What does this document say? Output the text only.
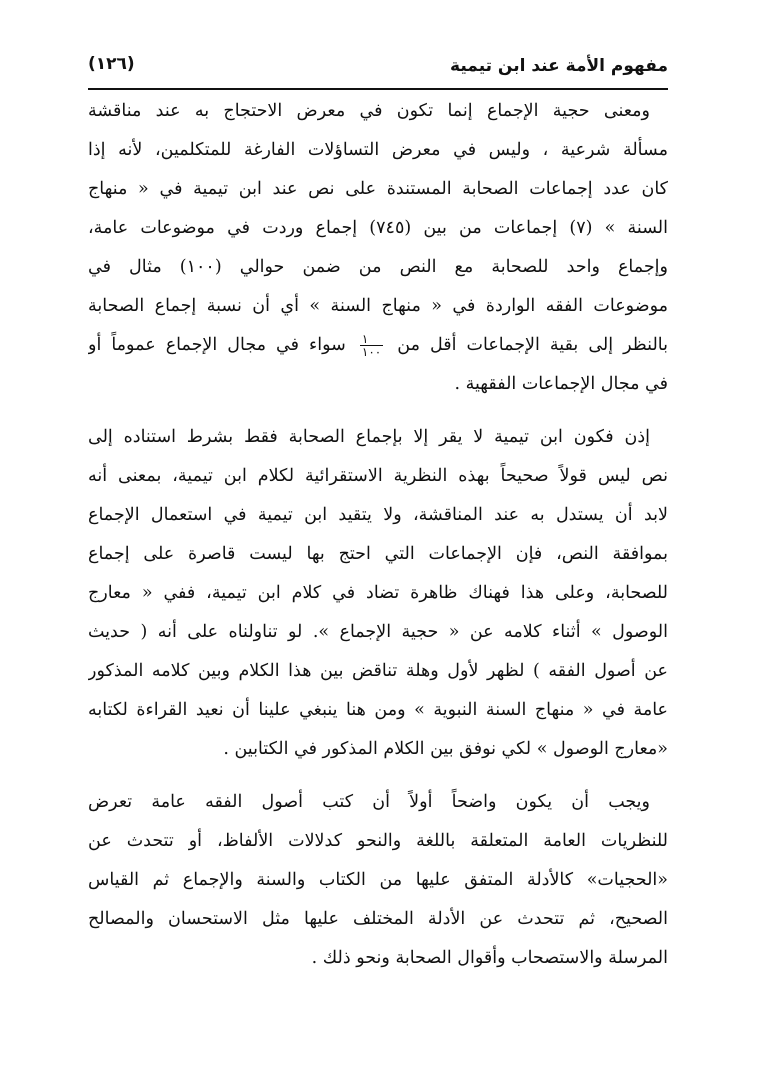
مفهوم الأمة عند ابن تيمية
(١٢٦)
ومعنى حجية الإجماع إنما تكون في معرض الاحتجاج به عند مناقشة
مسألة شرعية ، وليس في معرض التساؤلات الفارغة للمتكلمين، لأنه إذا
كان عدد إجماعات الصحابة المستندة على نص عند ابن تيمية في « منهاج
السنة » (٧) إجماعات من بين (٧٤٥) إجماع وردت في موضوعات عامة،
وإجماع واحد للصحابة مع النص من ضمن حوالي (١٠٠) مثال في
موضوعات الفقه الواردة في « منهاج السنة » أي أن نسبة إجماع الصحابة
بالنظر إلى بقية الإجماعات أقل من
$\frac{١}{١٠٠}$
سواء في مجال الإجماع عموماً أو
في مجال الإجماعات الفقهية .
إذن فكون ابن تيمية لا يقر إلا بإجماع الصحابة فقط بشرط استناده إلى
نص ليس قولاً صحيحاً بهذه النظرية الاستقرائية لكلام ابن تيمية، بمعنى أنه
لابد أن يستدل به عند المناقشة، ولا يتقيد ابن تيمية في استعمال الإجماع
بموافقة النص، فإن الإجماعات التي احتج بها ليست قاصرة على إجماع
للصحابة، وعلى هذا فهناك ظاهرة تضاد في كلام ابن تيمية، ففي « معارج
الوصول » أثناء كلامه عن « حجية الإجماع ». لو تناولناه على أنه ( حديث
عن أصول الفقه ) لظهر لأول وهلة تناقض بين هذا الكلام وبين كلامه المذكور
عامة في « منهاج السنة النبوية » ومن هنا ينبغي علينا أن نعيد القراءة لكتابه
«معارج الوصول » لكي نوفق بين الكلام المذكور في الكتابين .
ويجب أن يكون واضحاً أولاً أن كتب أصول الفقه عامة تعرض
للنظريات العامة المتعلقة باللغة والنحو كدلالات الألفاظ، أو تتحدث عن
«الحجيات» كالأدلة المتفق عليها من الكتاب والسنة والإجماع ثم القياس
الصحيح، ثم تتحدث عن الأدلة المختلف عليها مثل الاستحسان والمصالح
المرسلة والاستصحاب وأقوال الصحابة ونحو ذلك .
